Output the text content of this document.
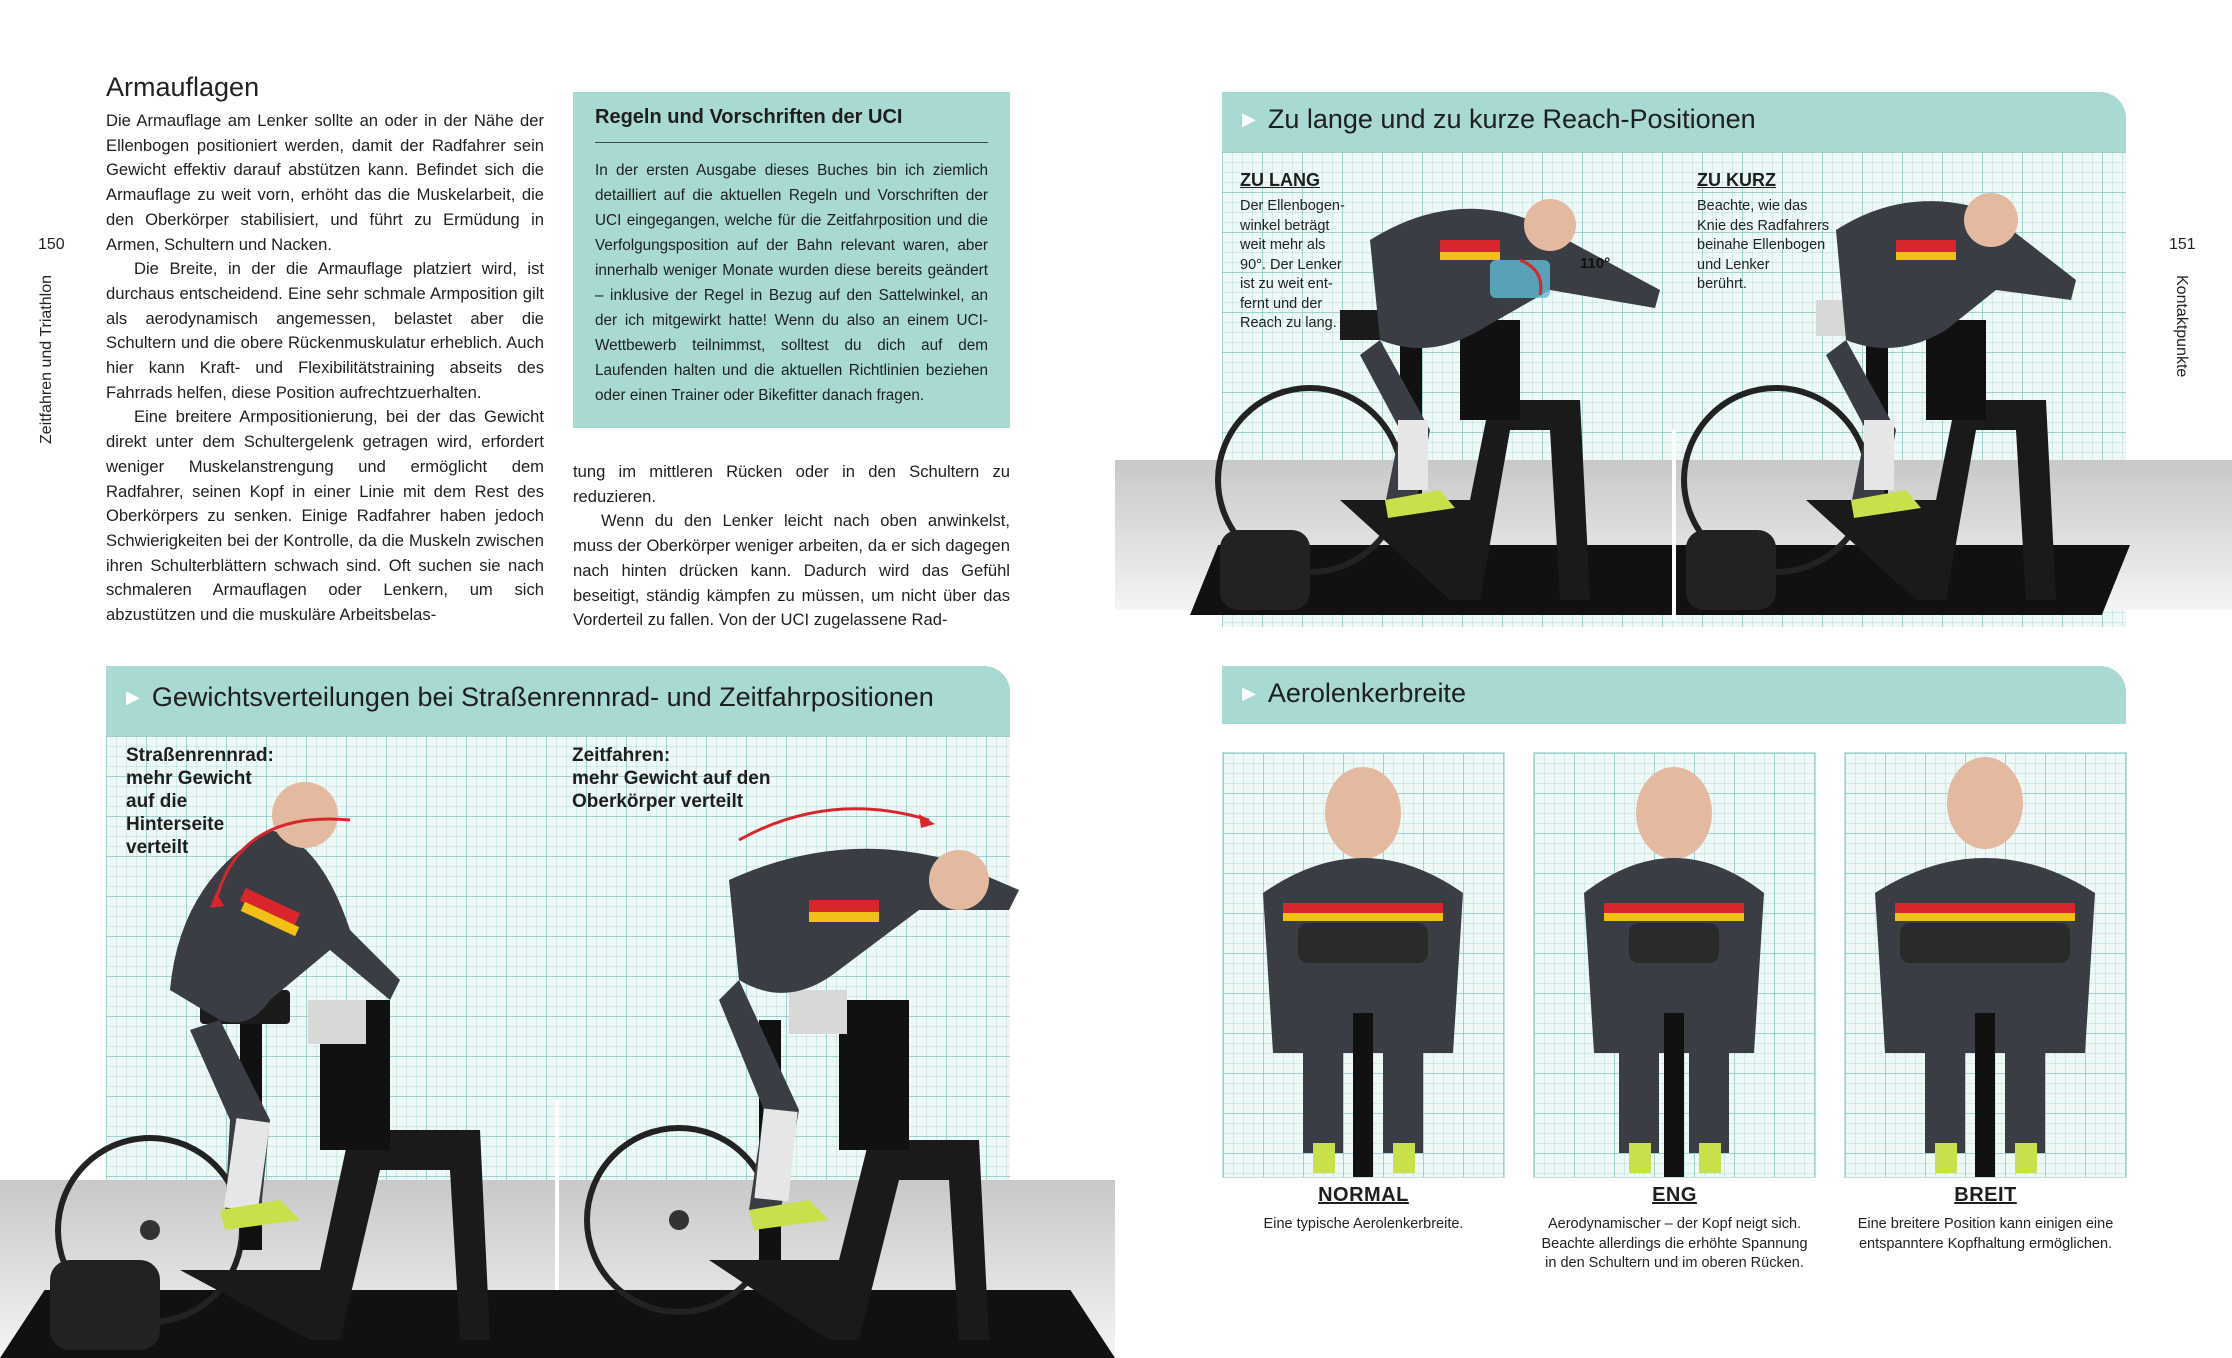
150
Zeitfahren und Triathlon
Armauflagen

Die Armauflage am Lenker sollte an oder in der Nähe der Ellenbogen positioniert werden, damit der Radfahrer sein Gewicht effektiv darauf abstützen kann. Befindet sich die Armauflage zu weit vorn, erhöht das die Muskelarbeit, die den Oberkörper stabilisiert, und führt zu Ermüdung in Armen, Schultern und Nacken.

Die Breite, in der die Armauflage platziert wird, ist durchaus entscheidend. Eine sehr schmale Armposition gilt als aerodynamisch angemessen, belastet aber die Schultern und die obere Rückenmuskulatur erheblich. Auch hier kann Kraft- und Flexibilitätstraining abseits des Fahrrads helfen, diese Position aufrechtzuerhalten.

Eine breitere Armpositionierung, bei der das Gewicht direkt unter dem Schultergelenk getragen wird, erfordert weniger Muskelanstrengung und ermöglicht dem Radfahrer, seinen Kopf in einer Linie mit dem Rest des Oberkörpers zu senken. Einige Radfahrer haben jedoch Schwierigkeiten bei der Kontrolle, da die Muskeln zwischen ihren Schulterblättern schwach sind. Oft suchen sie nach schmaleren Armauflagen oder Lenkern, um sich abzustützen und die muskuläre Arbeitsbelas-

Regeln und Vorschriften der UCI
In der ersten Ausgabe dieses Buches bin ich ziemlich detailliert auf die aktuellen Regeln und Vorschriften der UCI eingegangen, welche für die Zeitfahrposition und die Verfolgungsposition auf der Bahn relevant waren, aber innerhalb weniger Monate wurden diese bereits geändert – inklusive der Regel in Bezug auf den Sattelwinkel, an der ich mitgewirkt hatte! Wenn du also an einem UCI-Wettbewerb teilnimmst, solltest du dich auf dem Laufenden halten und die aktuellen Richtlinien beziehen oder einen Trainer oder Bikefitter danach fragen.

tung im mittleren Rücken oder in den Schultern zu reduzieren.

Wenn du den Lenker leicht nach oben anwinkelst, muss der Oberkörper weniger arbeiten, da er sich dagegen nach hinten drücken kann. Dadurch wird das Gefühl beseitigt, ständig kämpfen zu müssen, um nicht über das Vorderteil zu fallen. Von der UCI zugelassene Rad-

▶ Gewichtsverteilungen bei Straßenrennrad- und Zeitfahrpositionen
Straßenrennrad:
mehr Gewicht
auf die
Hinterseite
verteilt
Zeitfahren:
mehr Gewicht auf den
Oberkörper verteilt
151
Kontaktpunkte
▶ Zu lange und zu kurze Reach-Positionen
110°
ZU LANG
Der Ellenbogen-
winkel beträgt
weit mehr als
90°. Der Lenker
ist zu weit ent-
fernt und der
Reach zu lang.
ZU KURZ
Beachte, wie das
Knie des Radfahrers
beinahe Ellenbogen
und Lenker
berührt.
▶ Aerolenkerbreite
NORMAL
Eine typische Aerolenkerbreite.
ENG
Aerodynamischer – der Kopf neigt sich.
Beachte allerdings die erhöhte Spannung
in den Schultern und im oberen Rücken.
BREIT
Eine breitere Position kann einigen eine
entspanntere Kopfhaltung ermöglichen.
